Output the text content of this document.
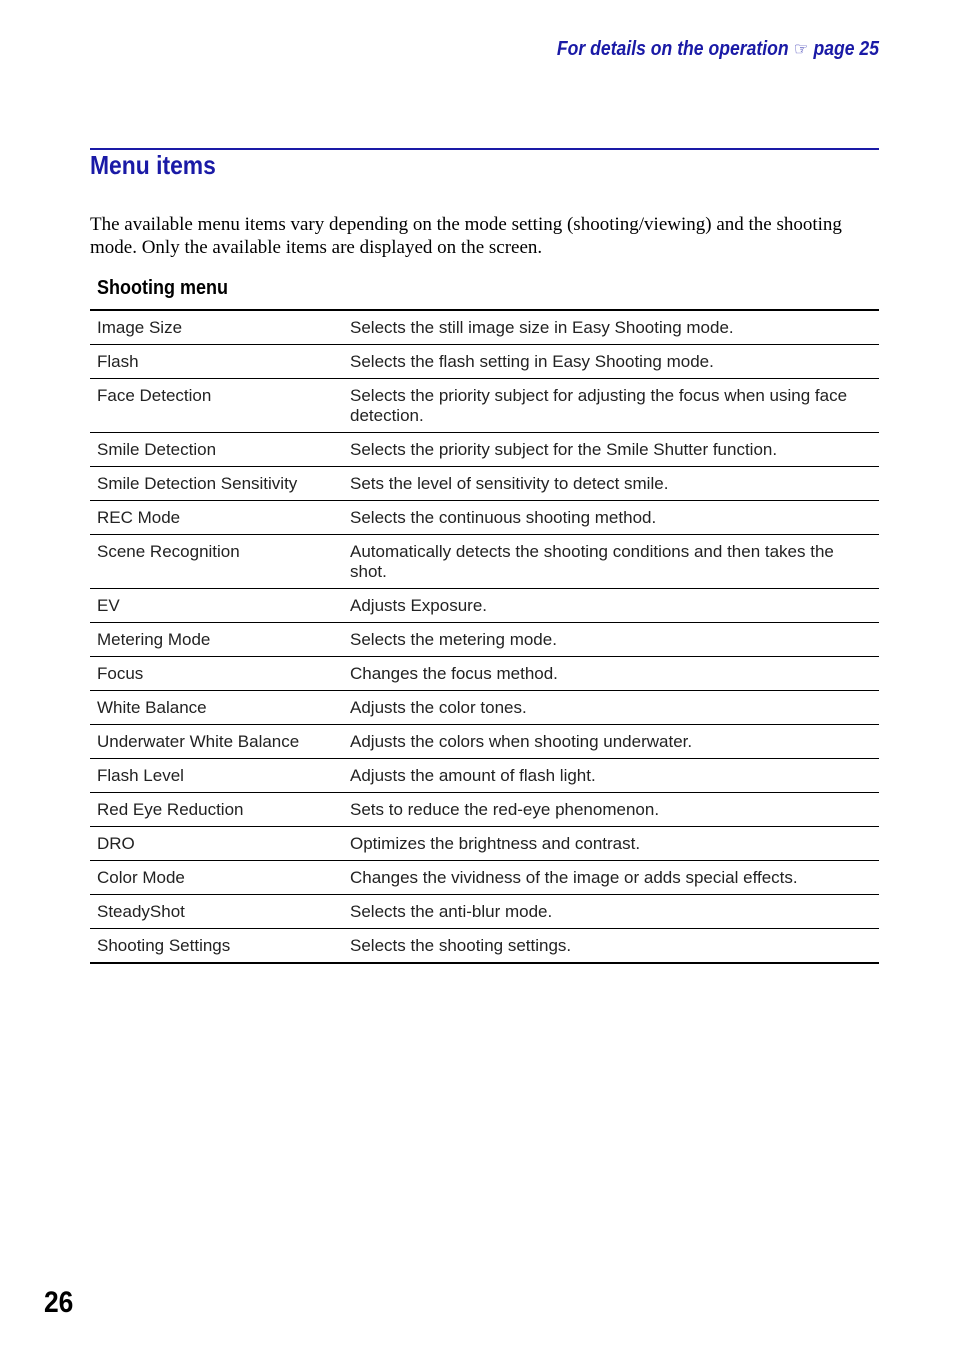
For details on the operation ☞ page 25
Menu items

The available menu items vary depending on the mode setting (shooting/viewing) and the shooting mode. Only the available items are displayed on the screen.

Shooting menu
Image Size	Selects the still image size in Easy Shooting mode.
Flash	Selects the flash setting in Easy Shooting mode.
Face Detection	Selects the priority subject for adjusting the focus when using face detection.
Smile Detection	Selects the priority subject for the Smile Shutter function.
Smile Detection Sensitivity	Sets the level of sensitivity to detect smile.
REC Mode	Selects the continuous shooting method.
Scene Recognition	Automatically detects the shooting conditions and then takes the shot.
EV	Adjusts Exposure.
Metering Mode	Selects the metering mode.
Focus	Changes the focus method.
White Balance	Adjusts the color tones.
Underwater White Balance	Adjusts the colors when shooting underwater.
Flash Level	Adjusts the amount of flash light.
Red Eye Reduction	Sets to reduce the red-eye phenomenon.
DRO	Optimizes the brightness and contrast.
Color Mode	Changes the vividness of the image or adds special effects.
SteadyShot	Selects the anti-blur mode.
Shooting Settings	Selects the shooting settings.
26
